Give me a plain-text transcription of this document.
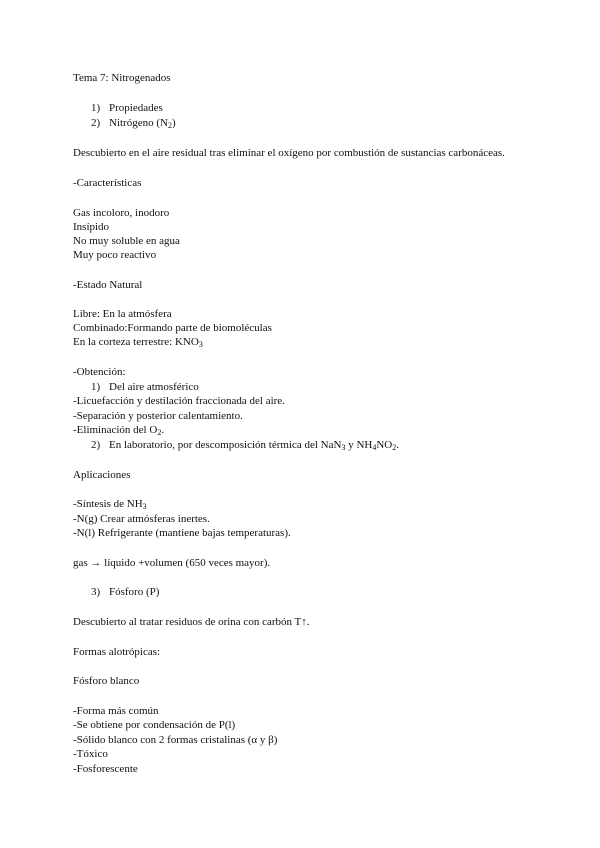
Tema 7: Nitrogenados
1) Propiedades
2) Nitrógeno $(N_2)$
Descubierto en el aire residual tras eliminar el oxígeno por combustión de sustancias carbonáceas.
-Características
Gas incoloro, inodoro
Insípido
No muy soluble en agua
Muy poco reactivo
-Estado Natural
Libre: En la atmósfera
Combinado:Formando parte de biomoléculas
En la corteza terrestre: $KNO_3$
-Obtención:
1) Del aire atmosférico
-Licuefacción y destilación fraccionada del aire.
-Separación y posterior calentamiento.
-Eliminación del $O_2$.
2) En laboratorio, por descomposición térmica del NaN$_3$ y $NH_4NO_2$.
Aplicaciones
-Síntesis de $NH_3$
-N(g) Crear atmósferas inertes.
-N(l) Refrigerante (mantiene bajas temperaturas).
gas → líquido +volumen (650 veces mayor).
3) Fósforo (P)
Descubierto al tratar residuos de orina con carbón T↑.
Formas alotrópicas:
Fósforo blanco
-Forma más común
-Se obtiene por condensación de P(l)
-Sólido blanco con 2 formas cristalinas (α y β)
-Tóxico
-Fosforescente
